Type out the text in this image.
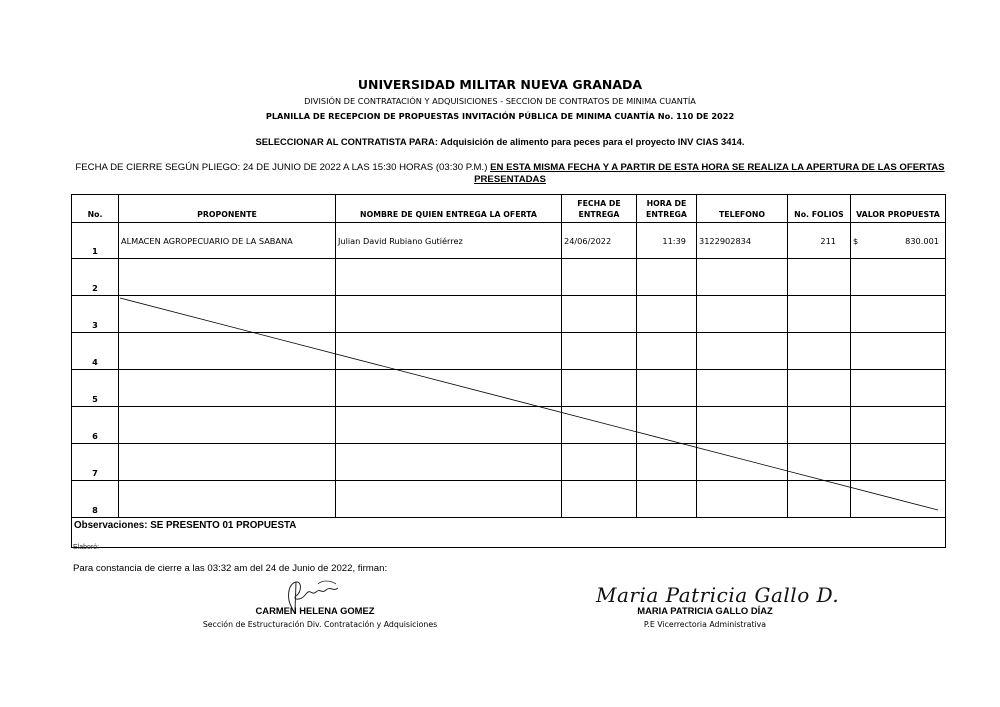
UNIVERSIDAD MILITAR NUEVA GRANADA
DIVISIÓN DE CONTRATACIÓN Y ADQUISICIONES - SECCION DE CONTRATOS DE MINIMA CUANTÍA
PLANILLA DE RECEPCION DE PROPUESTAS INVITACIÓN PÚBLICA DE MINIMA CUANTÍA No. 110 DE 2022
SELECCIONAR AL CONTRATISTA PARA: Adquisición de alimento para peces para el proyecto INV CIAS 3414.
FECHA DE CIERRE SEGÚN PLIEGO: 24 DE JUNIO DE 2022 A LAS 15:30 HORAS (03:30 P.M.) EN ESTA MISMA FECHA Y A PARTIR DE ESTA HORA SE REALIZA LA APERTURA DE LAS OFERTAS PRESENTADAS
No.	PROPONENTE	NOMBRE DE QUIEN ENTREGA LA OFERTA	FECHA DE ENTREGA	HORA DE ENTREGA	TELEFONO	No. FOLIOS	VALOR PROPUESTA
1	ALMACEN AGROPECUARIO DE LA SABANA	Julian David Rubiano Gutiérrez	24/06/2022	11:39	3122902834	211	$ 830.001

2							
3							
4							
5							
6							
7							
8							
Observaciones: SE PRESENTO 01 PROPUESTA							
Elaboró:
Para constancia de cierre a las 03:32 am del 24 de Junio de 2022, firman:
CARMEN HELENA GOMEZ
Sección de Estructuración Div. Contratación y Adquisiciones
Maria Patricia Gallo D.
MARIA PATRICIA GALLO DÍAZ
P.E Vicerrectoria Administrativa
